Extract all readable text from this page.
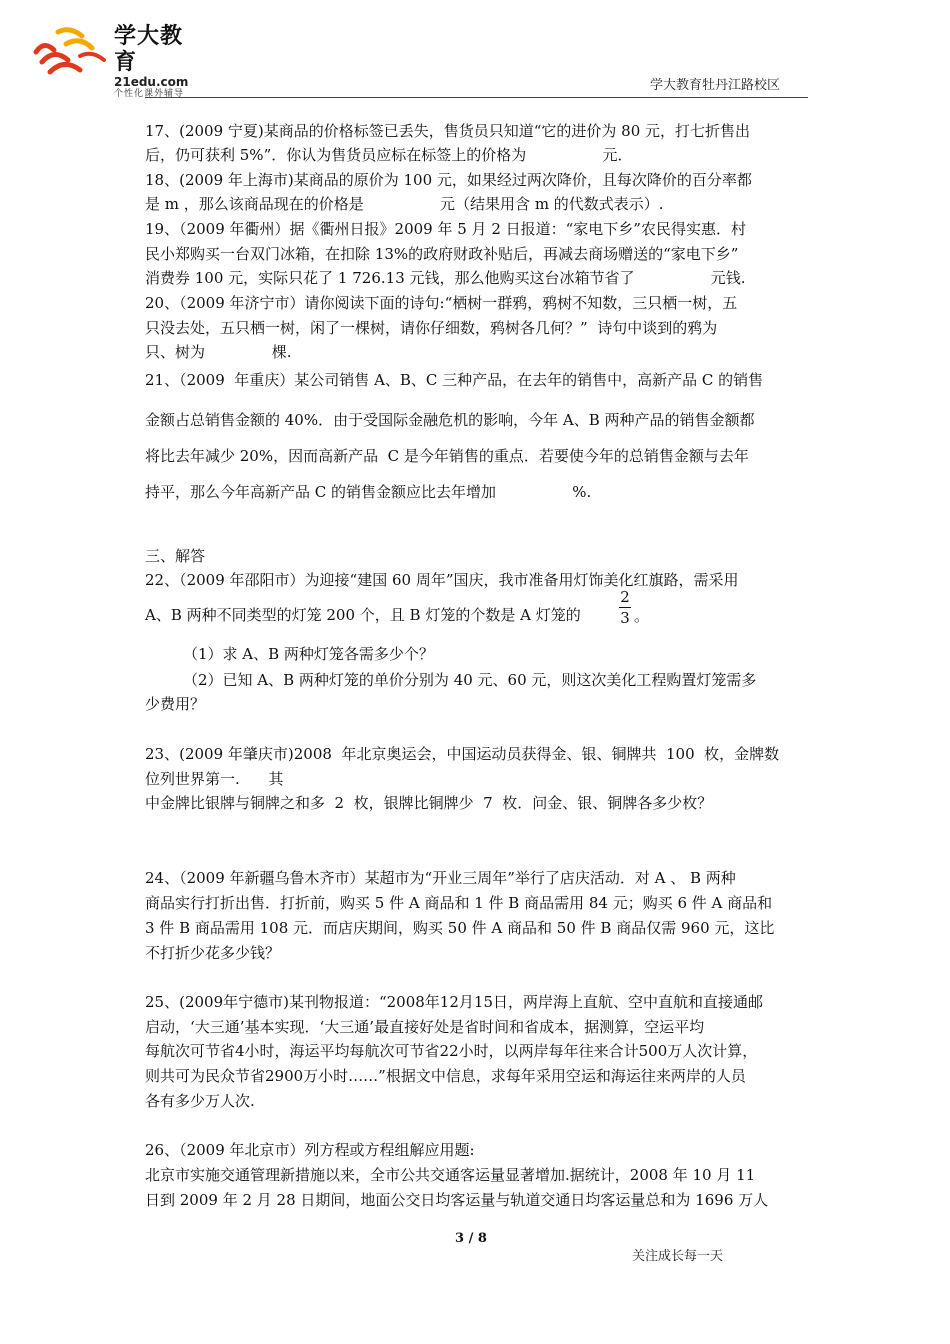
学大教育
21edu.com
个性化课外辅导
学大教育牡丹江路校区
17、(2009 宁夏)某商品的价格标签已丢失，售货员只知道“它的进价为 80 元，打七折售出
后，仍可获利 5%”．你认为售货员应标在标签上的价格为                元．
18、(2009 年上海市)某商品的原价为 100 元，如果经过两次降价，且每次降价的百分率都
是 m ，那么该商品现在的价格是                元（结果用含 m 的代数式表示）.
19、（2009 年衢州）据《衢州日报》2009 年 5 月 2 日报道：“家电下乡”农民得实惠．村
民小郑购买一台双门冰箱，在扣除 13%的政府财政补贴后，再减去商场赠送的“家电下乡”
消费券 100 元，实际只花了 1 726.13 元钱，那么他购买这台冰箱节省了                元钱.
20、（2009 年济宁市）请你阅读下面的诗句:“栖树一群鸦，鸦树不知数，三只栖一树，五
只没去处，五只栖一树，闲了一棵树，请你仔细数，鸦树各几何？”  诗句中谈到的鸦为
只、树为              棵.
21、（2009  年重庆）某公司销售 A、B、C 三种产品，在去年的销售中，高新产品 C 的销售
金额占总销售金额的 40%．由于受国际金融危机的影响，今年 A、B 两种产品的销售金额都
将比去年减少 20%，因而高新产品  C 是今年销售的重点．若要使今年的总销售金额与去年
持平，那么今年高新产品 C 的销售金额应比去年增加                %.
三、解答
22、（2009 年邵阳市）为迎接“建国 60 周年”国庆，我市准备用灯饰美化红旗路，需采用
A、B 两种不同类型的灯笼 200 个，且 B 灯笼的个数是 A 灯笼的
2
3 。
（1）求 A、B 两种灯笼各需多少个？
（2）已知 A、B 两种灯笼的单价分别为 40 元、60 元，则这次美化工程购置灯笼需多
少费用？
23、(2009 年肇庆市)2008  年北京奥运会，中国运动员获得金、银、铜牌共  100  枚，金牌数
位列世界第一.      其
中金牌比银牌与铜牌之和多  2  枚，银牌比铜牌少  7  枚．问金、银、铜牌各多少枚？
24、（2009 年新疆乌鲁木齐市）某超市为“开业三周年”举行了店庆活动．对 A 、 B 两种
商品实行打折出售．打折前，购买 5 件 A 商品和 1 件 B 商品需用 84 元；购买 6 件 A 商品和
3 件 B 商品需用 108 元．而店庆期间，购买 50 件 A 商品和 50 件 B 商品仅需 960 元，这比
不打折少花多少钱？
25、(2009年宁德市)某刊物报道：“2008年12月15日，两岸海上直航、空中直航和直接通邮
启动，‘大三通’基本实现．‘大三通’最直接好处是省时间和省成本，据测算，空运平均
每航次可节省4小时，海运平均每航次可节省22小时，以两岸每年往来合计500万人次计算，
则共可为民众节省2900万小时……”根据文中信息，求每年采用空运和海运往来两岸的人员
各有多少万人次.
26、（2009 年北京市）列方程或方程组解应用题:
北京市实施交通管理新措施以来，全市公共交通客运量显著增加.据统计，2008 年 10 月 11
日到 2009 年 2 月 28 日期间，地面公交日均客运量与轨道交通日均客运量总和为 1696 万人
3 / 8
关注成长每一天
